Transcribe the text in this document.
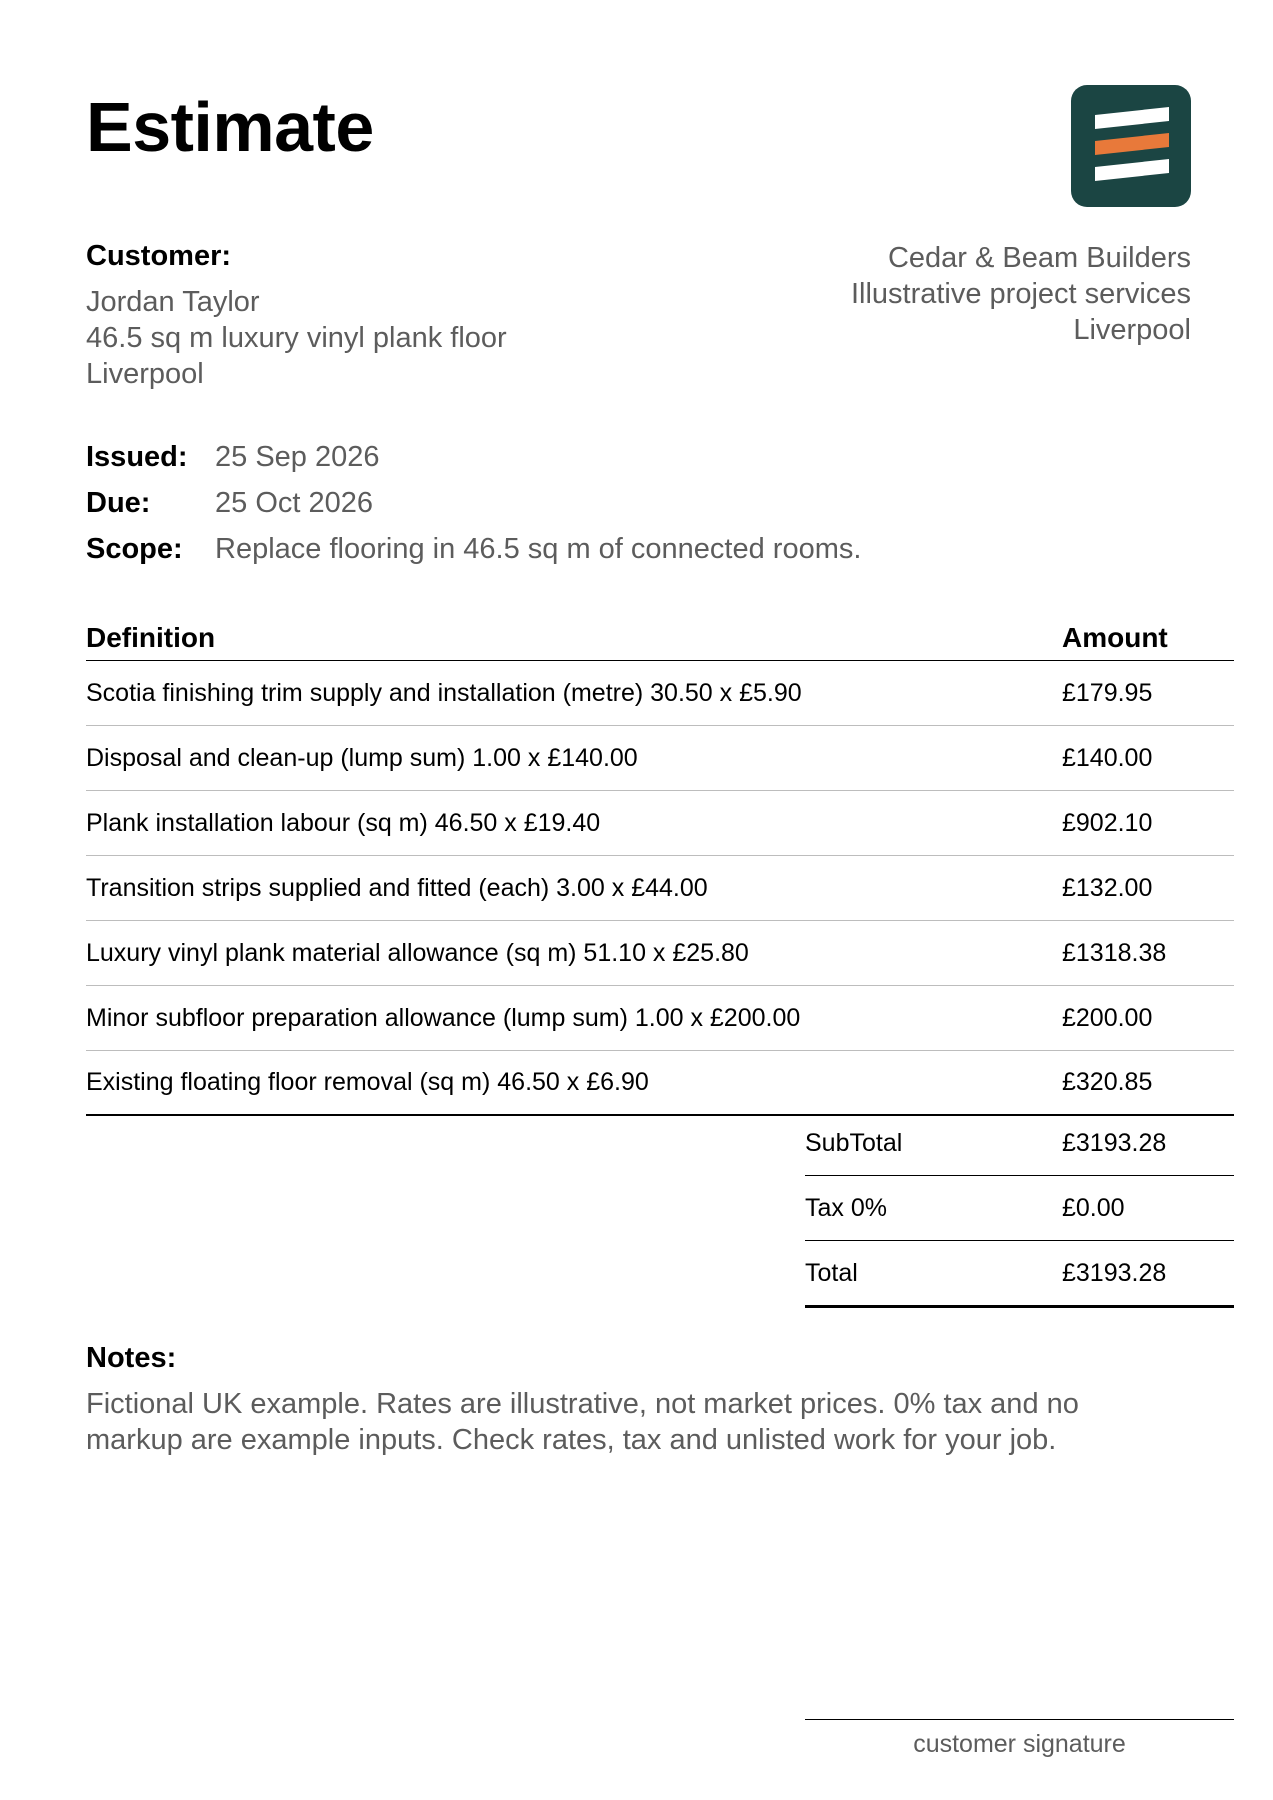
Estimate
Customer:
Jordan Taylor
46.5 sq m luxury vinyl plank floor
Liverpool
Cedar & Beam Builders
Illustrative project services
Liverpool
Issued: 25 Sep 2026
Due:	25 Oct 2026
Scope:	Replace flooring in 46.5 sq m of connected rooms.
Definition	Amount
Scotia finishing trim supply and installation (metre) 30.50 x £5.90	£179.95
Disposal and clean-up (lump sum) 1.00 x £140.00	£140.00
Plank installation labour (sq m) 46.50 x £19.40	£902.10
Transition strips supplied and fitted (each) 3.00 x £44.00	£132.00
Luxury vinyl plank material allowance (sq m) 51.10 x £25.80	£1318.38
Minor subfloor preparation allowance (lump sum) 1.00 x £200.00	£200.00
Existing floating floor removal (sq m) 46.50 x £6.90	£320.85
SubTotal	£3193.28
Tax 0%	£0.00
Total	£3193.28
Notes:
Fictional UK example. Rates are illustrative, not market prices. 0% tax and no
markup are example inputs. Check rates, tax and unlisted work for your job.
customer signature
